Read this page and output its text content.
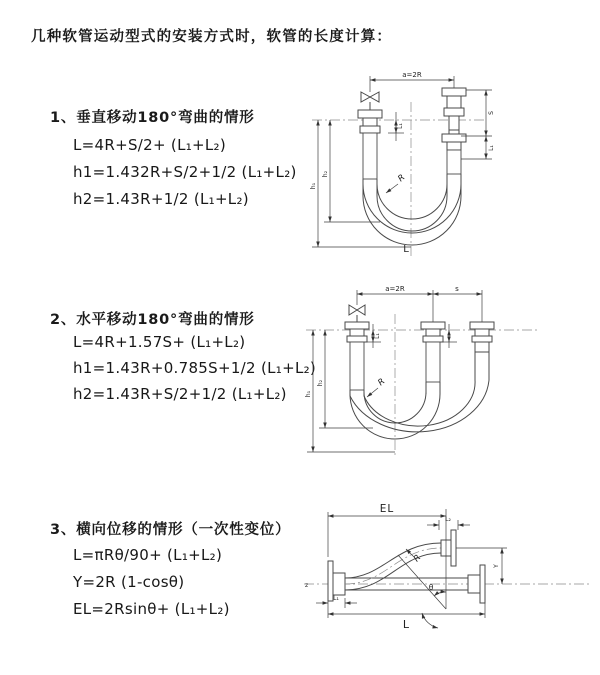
几种软管运动型式的安装方式时，软管的长度计算：
1、垂直移动180°弯曲的情形
L=4R+S/2+ (L₁+L₂)
h1=1.432R+S/2+1/2 (L₁+L₂)
h2=1.43R+1/2 (L₁+L₂)
2、水平移动180°弯曲的情形
L=4R+1.57S+ (L₁+L₂)
h1=1.43R+0.785S+1/2 (L₁+L₂)
h2=1.43R+S/2+1/2 (L₁+L₂)
3、横向位移的情形（一次性变位）
L=πRθ/90+ (L₁+L₂)
Y=2R (1-cosθ)
EL=2Rsinθ+ (L₁+L₂)
a=2R
h₁
h₂
L₁
S
L₁
R
L
a=2R	s
h₁
h₂
L₁
R
z
EL
L₂
Y
L
L₁
R
θ
